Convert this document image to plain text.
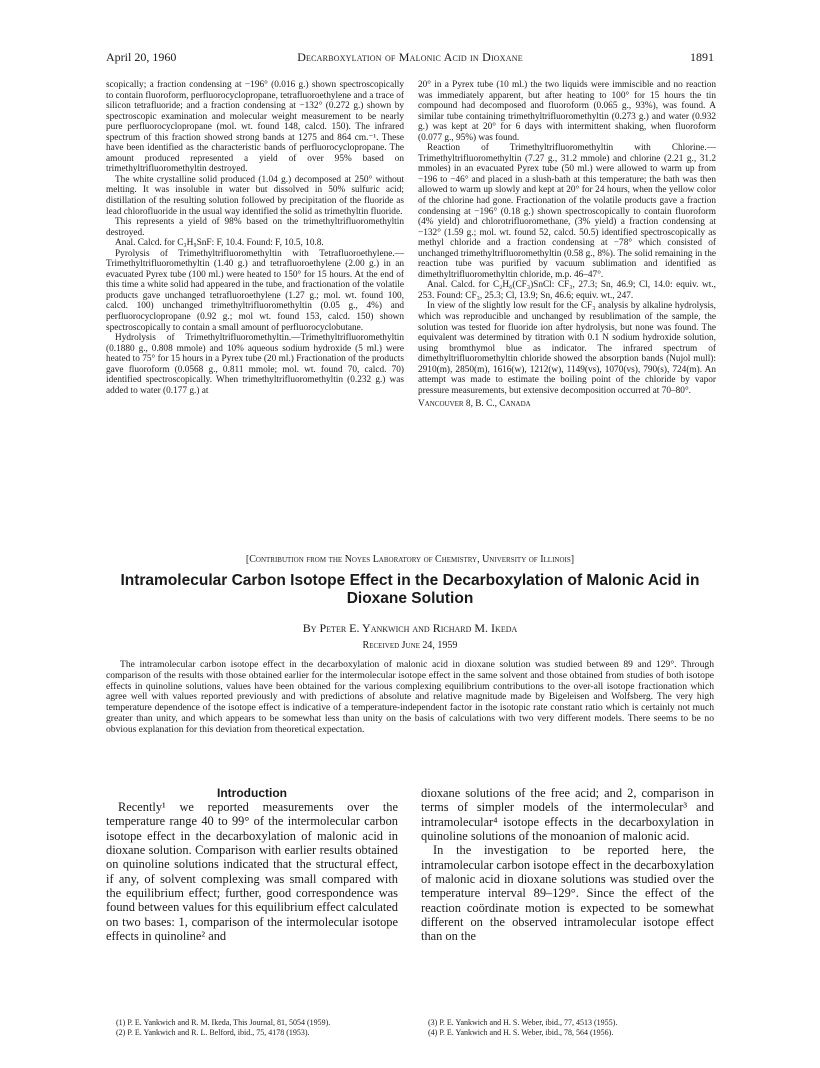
April 20, 1960	Decarboxylation of Malonic Acid in Dioxane	1891

scopically; a fraction condensing at −196° (0.016 g.) shown spectroscopically to contain fluoroform, perfluorocyclopropane, tetrafluoroethylene and a trace of silicon tetrafluoride; and a fraction condensing at −132° (0.272 g.) shown by spectroscopic examination and molecular weight measurement to be nearly pure perfluorocyclopropane (mol. wt. found 148, calcd. 150). The infrared spectrum of this fraction showed strong bands at 1275 and 864 cm.⁻¹. These have been identified as the characteristic bands of perfluorocyclopropane. The amount produced represented a yield of over 95% based on trimethyltrifluoromethyltin destroyed.

The white crystalline solid produced (1.04 g.) decomposed at 250° without melting. It was insoluble in water but dissolved in 50% sulfuric acid; distillation of the resulting solution followed by precipitation of the fluoride as lead chlorofluoride in the usual way identified the solid as trimethyltin fluoride.

This represents a yield of 98% based on the trimethyltrifluoromethyltin destroyed.

Anal. Calcd. for C₃H₉SnF: F, 10.4. Found: F, 10.5, 10.8.

Pyrolysis of Trimethyltrifluoromethyltin with Tetrafluoroethylene.—Trimethyltrifluoromethyltin (1.40 g.) and tetrafluoroethylene (2.00 g.) in an evacuated Pyrex tube (100 ml.) were heated to 150° for 15 hours. At the end of this time a white solid had appeared in the tube, and fractionation of the volatile products gave unchanged tetrafluoroethylene (1.27 g.; mol. wt. found 100, calcd. 100) unchanged trimethyltrifluoromethyltin (0.05 g., 4%) and perfluorocyclopropane (0.92 g.; mol wt. found 153, calcd. 150) shown spectroscopically to contain a small amount of perfluorocyclobutane.

Hydrolysis of Trimethyltrifluoromethyltin.—Trimethyltrifluoromethyltin (0.1880 g., 0.808 mmole) and 10% aqueous sodium hydroxide (5 ml.) were heated to 75° for 15 hours in a Pyrex tube (20 ml.) Fractionation of the products gave fluoroform (0.0568 g., 0.811 mmole; mol. wt. found 70, calcd. 70) identified spectroscopically. When trimethyltrifluoromethyltin (0.232 g.) was added to water (0.177 g.) at

20° in a Pyrex tube (10 ml.) the two liquids were immiscible and no reaction was immediately apparent, but after heating to 100° for 15 hours the tin compound had decomposed and fluoroform (0.065 g., 93%), was found. A similar tube containing trimethyltrifluoromethyltin (0.273 g.) and water (0.932 g.) was kept at 20° for 6 days with intermittent shaking, when fluoroform (0.077 g., 95%) was found.

Reaction of Trimethyltrifluoromethyltin with Chlorine.—Trimethyltrifluoromethyltin (7.27 g., 31.2 mmole) and chlorine (2.21 g., 31.2 mmoles) in an evacuated Pyrex tube (50 ml.) were allowed to warm up from −196 to −46° and placed in a slush-bath at this temperature; the bath was then allowed to warm up slowly and kept at 20° for 24 hours, when the yellow color of the chlorine had gone. Fractionation of the volatile products gave a fraction condensing at −196° (0.18 g.) shown spectroscopically to contain fluoroform (4% yield) and chlorotrifluoromethane, (3% yield) a fraction condensing at −132° (1.59 g.; mol. wt. found 52, calcd. 50.5) identified spectroscopically as methyl chloride and a fraction condensing at −78° which consisted of unchanged trimethyltrifluoromethyltin (0.58 g., 8%). The solid remaining in the reaction tube was purified by vacuum sublimation and identified as dimethyltrifluoromethyltin chloride, m.p. 46–47°.

Anal. Calcd. for C₂H₆(CF₃)SnCl: CF₃, 27.3; Sn, 46.9; Cl, 14.0: equiv. wt., 253. Found: CF₃, 25.3; Cl, 13.9; Sn, 46.6; equiv. wt., 247.

In view of the slightly low result for the CF₃ analysis by alkaline hydrolysis, which was reproducible and unchanged by resublimation of the sample, the solution was tested for fluoride ion after hydrolysis, but none was found. The equivalent was determined by titration with 0.1 N sodium hydroxide solution, using bromthymol blue as indicator. The infrared spectrum of dimethyltrifluoromethyltin chloride showed the absorption bands (Nujol mull): 2910(m), 2850(m), 1616(w), 1212(w), 1149(vs), 1070(vs), 790(s), 724(m). An attempt was made to estimate the boiling point of the chloride by vapor pressure measurements, but extensive decomposition occurred at 70–80°.

Vancouver 8, B. C., Canada

[Contribution from the Noyes Laboratory of Chemistry, University of Illinois]
Intramolecular Carbon Isotope Effect in the Decarboxylation of Malonic Acid in
Dioxane Solution
By Peter E. Yankwich and Richard M. Ikeda
Received June 24, 1959

The intramolecular carbon isotope effect in the decarboxylation of malonic acid in dioxane solution was studied between 89 and 129°. Through comparison of the results with those obtained earlier for the intermolecular isotope effect in the same solvent and those obtained from studies of both isotope effects in quinoline solutions, values have been obtained for the various complexing equilibrium contributions to the over-all isotope fractionation which agree well with values reported previously and with predictions of absolute and relative magnitude made by Bigeleisen and Wolfsberg. The very high temperature dependence of the isotope effect is indicative of a temperature-independent factor in the isotopic rate constant ratio which is certainly not much greater than unity, and which appears to be somewhat less than unity on the basis of calculations with two very different models. There seems to be no obvious explanation for this deviation from theoretical expectation.

Introduction

Recently¹ we reported measurements over the temperature range 40 to 99° of the intermolecular carbon isotope effect in the decarboxylation of malonic acid in dioxane solution. Comparison with earlier results obtained on quinoline solutions indicated that the structural effect, if any, of solvent complexing was small compared with the equilibrium effect; further, good correspondence was found between values for this equilibrium effect calculated on two bases: 1, comparison of the intermolecular isotope effects in quinoline² and

dioxane solutions of the free acid; and 2, comparison in terms of simpler models of the intermolecular³ and intramolecular⁴ isotope effects in the decarboxylation in quinoline solutions of the monoanion of malonic acid.

In the investigation to be reported here, the intramolecular carbon isotope effect in the decarboxylation of malonic acid in dioxane solutions was studied over the temperature interval 89–129°. Since the effect of the reaction coördinate motion is expected to be somewhat different on the observed intramolecular isotope effect than on the

(1) P. E. Yankwich and R. M. Ikeda, This Journal, 81, 5054 (1959).
(2) P. E. Yankwich and R. L. Belford, ibid., 75, 4178 (1953).
(3) P. E. Yankwich and H. S. Weber, ibid., 77, 4513 (1955).
(4) P. E. Yankwich and H. S. Weber, ibid., 78, 564 (1956).
